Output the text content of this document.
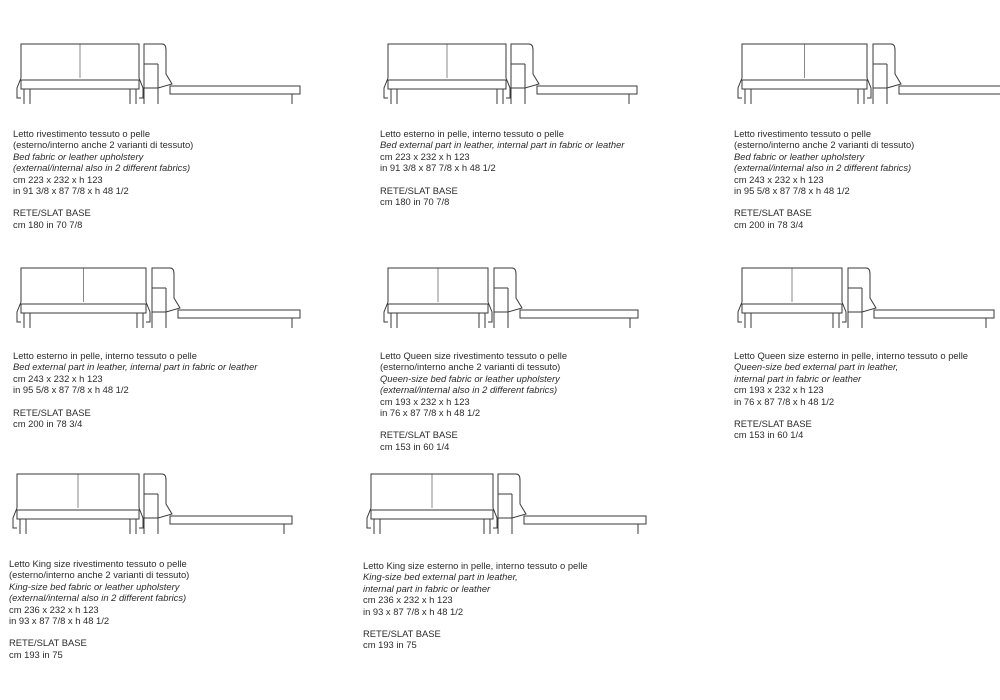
Letto rivestimento tessuto o pelle
(esterno/interno anche 2 varianti di tessuto)
Bed fabric or leather upholstery
(external/internal also in 2 different fabrics)
cm 223 x 232 x h 123
in 91 3/8 x 87 7/8 x h 48 1/2
RETE/SLAT BASE
cm 180 in 70 7/8
Letto esterno in pelle, interno tessuto o pelle
Bed external part in leather, internal part in fabric or leather
cm 223 x 232 x h 123
in 91 3/8 x 87 7/8 x h 48 1/2
RETE/SLAT BASE
cm 180 in 70 7/8
Letto rivestimento tessuto o pelle
(esterno/interno anche 2 varianti di tessuto)
Bed fabric or leather upholstery
(external/internal also in 2 different fabrics)
cm 243 x 232 x h 123
in 95 5/8 x 87 7/8 x h 48 1/2
RETE/SLAT BASE
cm 200 in 78 3/4
Letto esterno in pelle, interno tessuto o pelle
Bed external part in leather, internal part in fabric or leather
cm 243 x 232 x h 123
in 95 5/8 x 87 7/8 x h 48 1/2
RETE/SLAT BASE
cm 200 in 78 3/4
Letto Queen size rivestimento tessuto o pelle
(esterno/interno anche 2 varianti di tessuto)
Queen-size bed fabric or leather upholstery
(external/internal also in 2 different fabrics)
cm 193 x 232 x h 123
in 76 x 87 7/8 x h 48 1/2
RETE/SLAT BASE
cm 153 in 60 1/4
Letto Queen size esterno in pelle, interno tessuto o pelle
Queen-size bed external part in leather,
internal part in fabric or leather
cm 193 x 232 x h 123
in 76 x 87 7/8 x h 48 1/2
RETE/SLAT BASE
cm 153 in 60 1/4
Letto King size rivestimento tessuto o pelle
(esterno/interno anche 2 varianti di tessuto)
King-size bed fabric or leather upholstery
(external/internal also in 2 different fabrics)
cm 236 x 232 x h 123
in 93 x 87 7/8 x h 48 1/2
RETE/SLAT BASE
cm 193 in 75
Letto King size esterno in pelle, interno tessuto o pelle
King-size bed external part in leather,
internal part in fabric or leather
cm 236 x 232 x h 123
in 93 x 87 7/8 x h 48 1/2
RETE/SLAT BASE
cm 193 in 75
